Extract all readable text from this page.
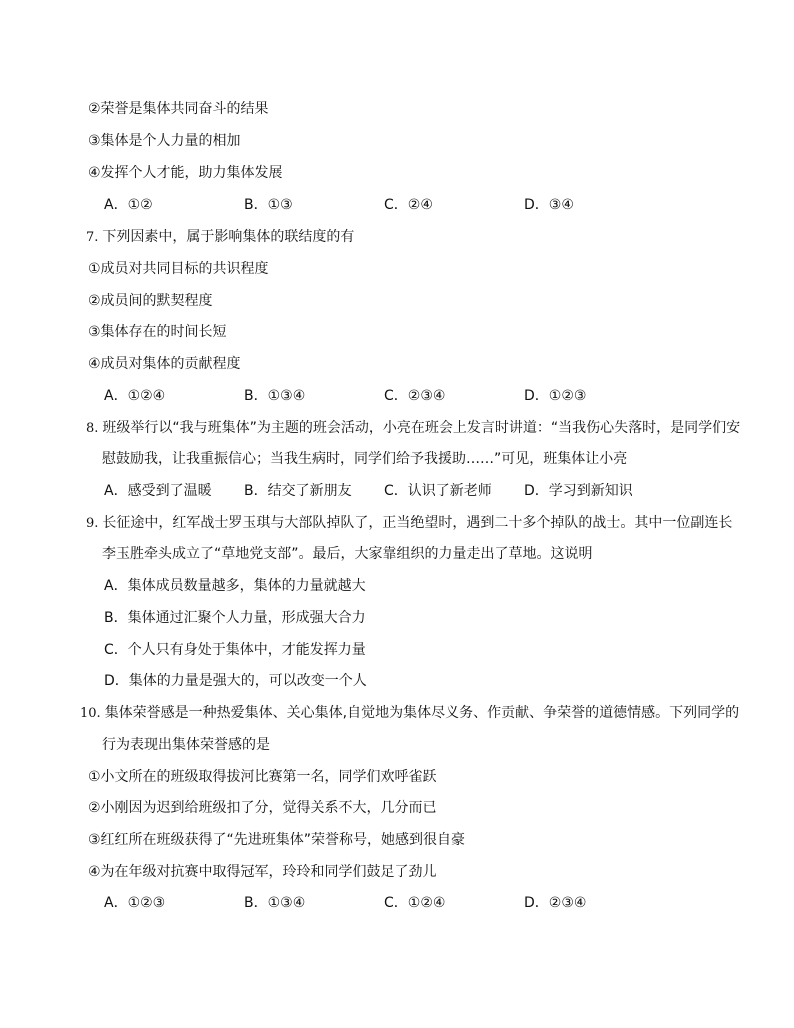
②荣誉是集体共同奋斗的结果
③集体是个人力量的相加
④发挥个人才能，助力集体发展
A．①②	B．①③	C．②④	D．③④
7. 下列因素中，属于影响集体的联结度的有
①成员对共同目标的共识程度
②成员间的默契程度
③集体存在的时间长短
④成员对集体的贡献程度
A．①②④	B．①③④	C．②③④	D．①②③
8. 班级举行以“我与班集体”为主题的班会活动，小亮在班会上发言时讲道：“当我伤心失落时，是同学们安
慰鼓励我，让我重振信心；当我生病时，同学们给予我援助……”可见，班集体让小亮
A．感受到了温暖 B．结交了新朋友 C．认识了新老师 D．学习到新知识
9. 长征途中，红军战士罗玉琪与大部队掉队了，正当绝望时，遇到二十多个掉队的战士。其中一位副连长
李玉胜牵头成立了“草地党支部”。最后，大家靠组织的力量走出了草地。这说明
A．集体成员数量越多，集体的力量就越大
B．集体通过汇聚个人力量，形成强大合力
C．个人只有身处于集体中，才能发挥力量
D．集体的力量是强大的，可以改变一个人
10. 集体荣誉感是一种热爱集体、关心集体,自觉地为集体尽义务、作贡献、争荣誉的道德情感。下列同学的
行为表现出集体荣誉感的是
①小文所在的班级取得拔河比赛第一名，同学们欢呼雀跃
②小刚因为迟到给班级扣了分，觉得关系不大，几分而已
③红红所在班级获得了“先进班集体”荣誉称号，她感到很自豪
④为在年级对抗赛中取得冠军，玲玲和同学们鼓足了劲儿
A．①②③	B．①③④	C．①②④	D．②③④
